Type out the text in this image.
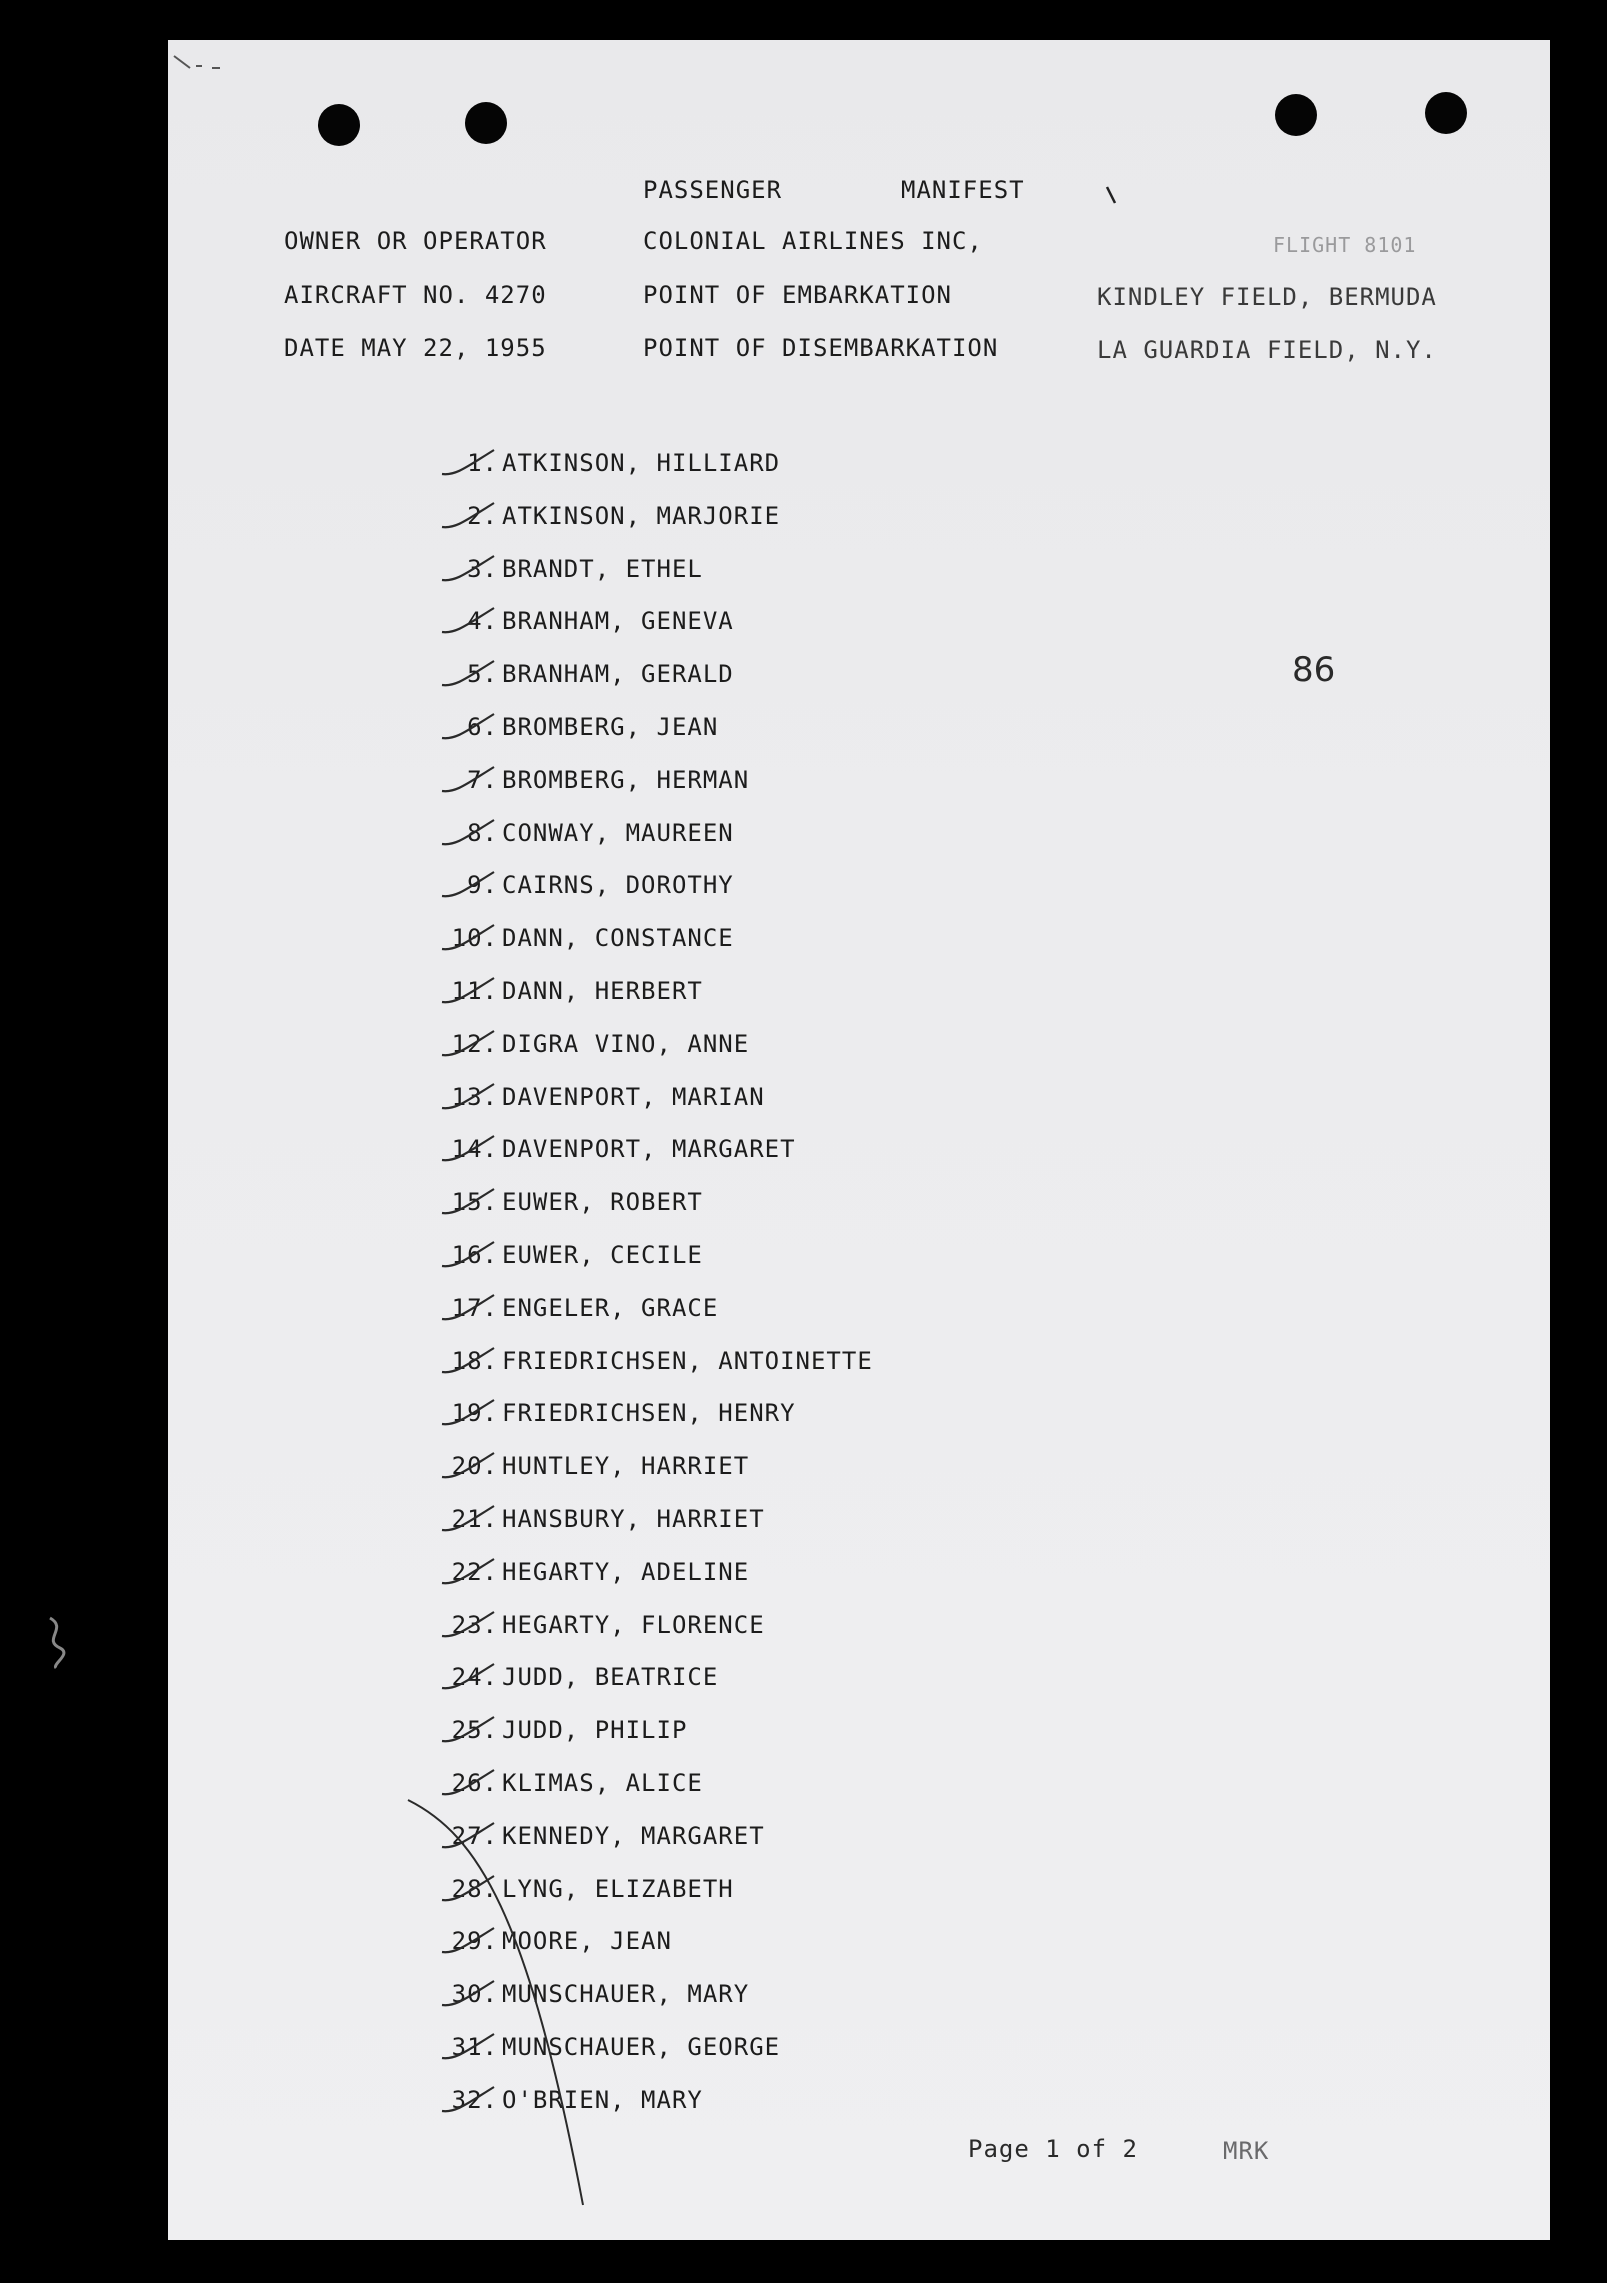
PASSENGER	MANIFEST
OWNER OR OPERATOR	COLONIAL AIRLINES INC,	FLIGHT 8101
AIRCRAFT NO. 4270	POINT OF EMBARKATION	KINDLEY FIELD, BERMUDA
DATE MAY 22, 1955	POINT OF DISEMBARKATION	LA GUARDIA FIELD, N.Y.
86
1. ATKINSON, HILLIARD
2. ATKINSON, MARJORIE
3. BRANDT, ETHEL
4. BRANHAM, GENEVA
5. BRANHAM, GERALD
6. BROMBERG, JEAN
7. BROMBERG, HERMAN
8. CONWAY, MAUREEN
9. CAIRNS, DOROTHY
10. DANN, CONSTANCE
11. DANN, HERBERT
12. DIGRA VINO, ANNE
13. DAVENPORT, MARIAN
14. DAVENPORT, MARGARET
15. EUWER, ROBERT
16. EUWER, CECILE
17. ENGELER, GRACE
18. FRIEDRICHSEN, ANTOINETTE
19. FRIEDRICHSEN, HENRY
20. HUNTLEY, HARRIET
21. HANSBURY, HARRIET
22. HEGARTY, ADELINE
23. HEGARTY, FLORENCE
24. JUDD, BEATRICE
25. JUDD, PHILIP
26. KLIMAS, ALICE
27. KENNEDY, MARGARET
28. LYNG, ELIZABETH
29. MOORE, JEAN
30. MUNSCHAUER, MARY
31. MUNSCHAUER, GEORGE
32. O'BRIEN, MARY
Page 1 of 2	MRK
